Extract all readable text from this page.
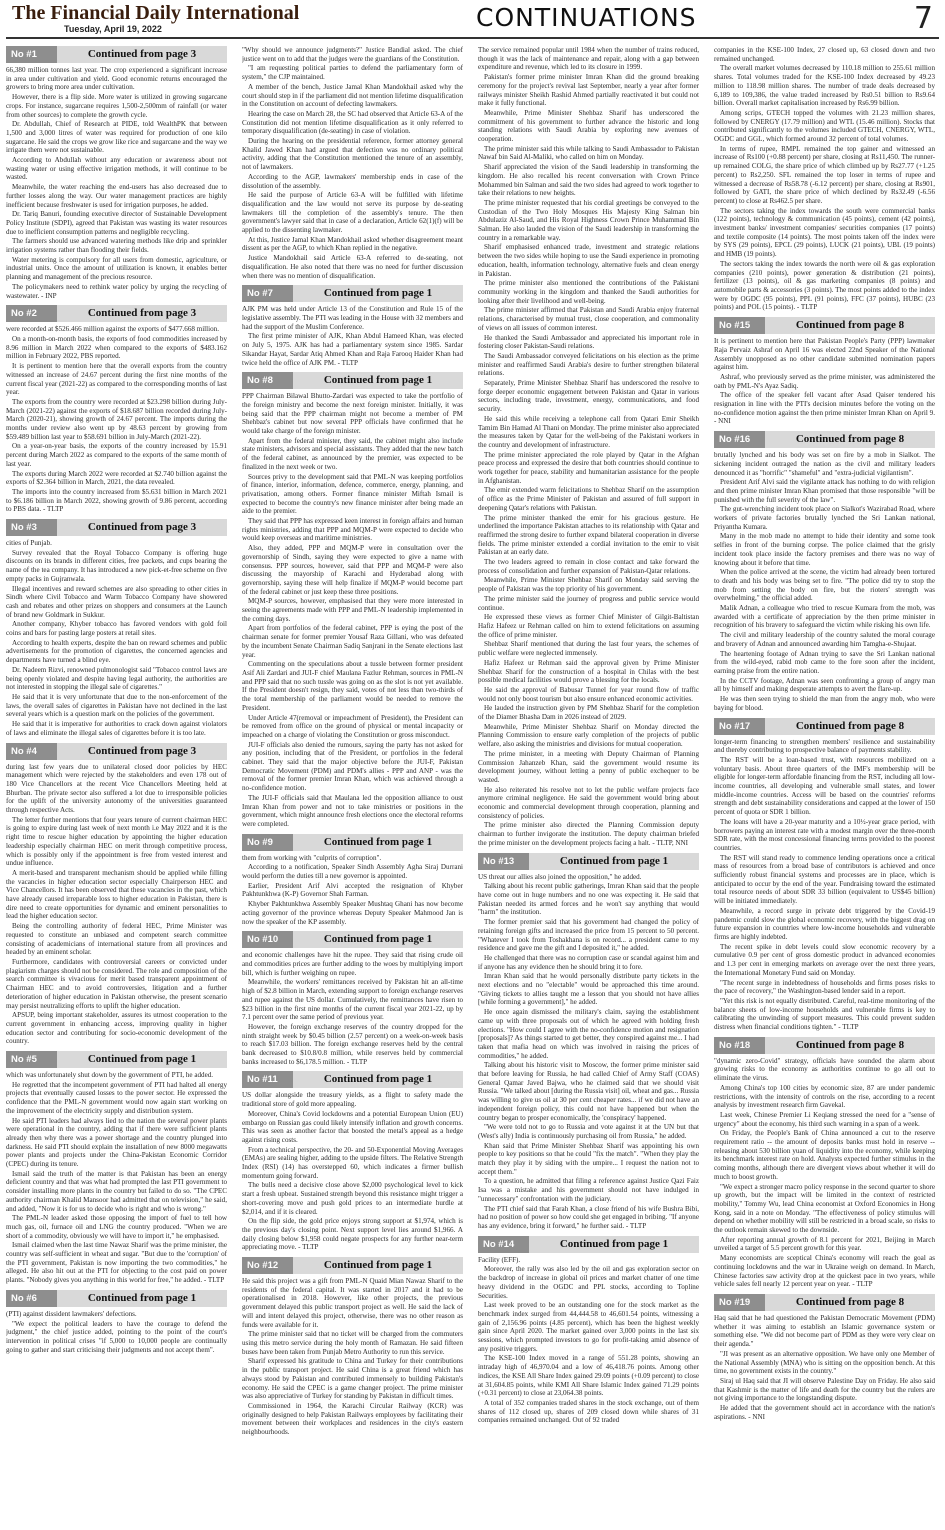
The Financial Daily International
Tuesday, April 19, 2022	CONTINUATIONS	7
No #1	Continued from page 3

66,380 million tonnes last year. The crop experienced a significant increase in area under cultivation and yield. Good economic returns encouraged the growers to bring more area under cultivation.

However, there is a flip side. More water is utilized in growing sugarcane crops. For instance, sugarcane requires 1,500-2,500mm of rainfall (or water from other sources) to complete the growth cycle.

Dr. Abdullah, Chief of Research at PIDE, told WealthPK that between 1,500 and 3,000 litres of water was required for production of one kilo sugarcane. He said the crops we grow like rice and sugarcane and the way we irrigate them were not sustainable.

According to Abdullah without any education or awareness about not wasting water or using effective irrigation methods, it will continue to be wasted.

Meanwhile, the water reaching the end-users has also decreased due to further losses along the way. Our water management practices are highly inefficient because freshwater is used for irrigation purposes, he added.

Dr. Tariq Banuri, founding executive director of Sustainable Development Policy Institute (SDPI), agreed that Pakistan was wasting its water resources due to inefficient consumption patterns and negligible recycling.

The farmers should use advanced watering methods like drip and sprinkler irrigation systems rather than flooding their fields.

Water metering is compulsory for all users from domestic, agriculture, or industrial units. Once the amount of utilization is known, it enables better planning and management of the precious resource.

The policymakers need to rethink water policy by urging the recycling of wastewater. - INP

No #2	Continued from page 3

were recorded at $526.466 million against the exports of $477.668 million.

On a month-on-month basis, the exports of food commodities increased by 8.96 million in March 2022 when compared to the exports of $483.162 million in February 2022, PBS reported.

It is pertinent to mention here that the overall exports from the country witnessed an increase of 24.67 percent during the first nine months of the current fiscal year (2021-22) as compared to the corresponding months of last year.

The exports from the country were recorded at $23.298 billion during July-March (2021-22) against the exports of $18.687 billion recorded during July-March (2020-21), showing growth of 24.67 percent. The imports during the months under review also went up by 48.63 percent by growing from $59.489 billion last year to $58.691 billion in July-March (2021-22).

On a year-on-year basis, the exports of the country increased by 15.91 percent during March 2022 as compared to the exports of the same month of last year.

The exports during March 2022 were recorded at $2.740 billion against the exports of $2.364 billion in March, 2021, the data revealed.

The imports into the country increased from $5.631 billion in March 2021 to $6.186 billion in March 2022, showing growth of 9.86 percent, according to PBS data. - TLTP

No #3	Continued from page 3

cities of Punjab.

Survey revealed that the Royal Tobacco Company is offering huge discounts on its brands in different cities, free packets, and cups bearing the name of the tea company. It has introduced a new pick-et-free scheme on five empty packs in Gujranwala.

Illegal incentives and reward schemes are also spreading to other cities in Sindh where Civil Tobacco and Warm Tobacco Company have showered cash and rebates and other prizes on shoppers and consumers at the Launch of brand new Goldmark in Sukkur.

Another company, Khyber tobacco has favored vendors with gold foil coins and bars for pasting large posters at retail sites.

According to health experts, despite the ban on reward schemes and public advertisements for the promotion of cigarettes, the concerned agencies and departments have turned a blind eye.

Dr. Nadeem Rizvi, renowned pulmonologist said "Tobacco control laws are being openly violated and despite having legal authority, the authorities are not interested in stopping the illegal sale of cigarettes."

He said that it is very unfortunate that due to the non-enforcement of the laws, the overall sales of cigarettes in Pakistan have not declined in the last several years which is a question mark on the policies of the government.

He said that it is imperative for authorities to crack down against violators of laws and eliminate the illegal sales of cigarettes before it is too late.

No #4	Continued from page 3

during last few years due to unilateral closed door policies by HEC management which were rejected by the stakeholders and even 178 out of 180 Vice Chancellors at the recent Vice Chancellors Meeting held at Bhurban. The private sector also suffered a lot due to irresponsible policies for the uplift of the university autonomy of the universities guaranteed through respective Acts.

The letter further mentions that four years tenure of current chairman HEC is going to expire during last week of next month i.e May 2022 and it is the right time to rescue higher education by appointing the higher education leadership especially chairman HEC on merit through competitive process, which is possibly only if the appointment is free from vested interest and undue influence.

A merit-based and transparent mechanism should be applied while filling the vacancies in higher education sector especially Chairperson HEC and Vice Chancellors. It has been observed that these vacancies in the past, which have already caused irreparable loss to higher education in Pakistan, there is dire need to create opportunities for dynamic and eminent personalities to lead the higher education sector.

Being the controlling authority of federal HEC, Prime Minister was requested to constitute an unbiased and competent search committee consisting of academicians of international stature from all provinces and headed by an eminent scholar.

Furthermore, candidates with controversial careers or convicted under plagiarism charges should not be considered. The role and composition of the search committee is vivacious for merit based transparent appointment of Chairman HEC and to avoid controversies, litigation and a further deterioration of higher education in Pakistan otherwise, the present scenario may persist neutralizing efforts to uplift the higher education.

APSUP, being important stakeholder, assures its utmost cooperation to the current government in enhancing access, improving quality in higher education sector and contributing for socio-economic development of the country.

No #5	Continued from page 1

which was unfortunately shut down by the government of PTI, he added.

He regretted that the incompetent government of PTI had halted all energy projects that eventually caused losses to the power sector. He expressed the confidence that the PML-N government would now again start working on the improvement of the electricity supply and distribution system.

He said PTI leaders had always lied to the nation the several power plants were operational in the country, adding that if there were sufficient plants already then why there was a power shortage and the country plunged into darkness. He said PTI should explain the installation of new 8000 megawatts power plants and projects under the China-Pakistan Economic Corridor (CPEC) during its tenure.

Ismail said the truth of the matter is that Pakistan has been an energy deficient country and that was what had prompted the last PTI government to consider installing more plants in the country but failed to do so. "The CPEC authority chairman Khalid Mansoor had admitted that on television," he said, and added, "Now it is for us to decide who is right and who is wrong."

The PML-N leader asked those opposing the import of fuel to tell how much gas, oil, furnace oil and LNG the country produced. "When we are short of a commodity, obviously we will have to import it," he emphasised.

Ismail claimed when the last time Nawaz Sharif was the prime minister, the country was self-sufficient in wheat and sugar. "But due to the 'corruption' of the PTI government, Pakistan is now importing the two commodities," he alleged. He also hit out at the PTI for objecting to the cost paid on power plants. "Nobody gives you anything in this world for free," he added. - TLTP

No #6	Continued from page 1

(PTI) against dissident lawmakers' defections.

"We expect the political leaders to have the courage to defend the judgment," the chief justice added, pointing to the point of the court's intervention in political crises "if 5,000 to 10,000 people are continually going to gather and start criticising their judgments and not accept them".

"Why should we announce judgments?" Justice Bandial asked. The chief justice went on to add that the judges were the guardians of the Constitution.

"I am requesting political parties to defend the parliamentary form of system," the CJP maintained.

A member of the bench, Justice Jamal Khan Mandokhail asked why the court should step in if the parliament did not mention lifetime disqualification in the Constitution on account of defecting lawmakers.

Hearing the case on March 28, the SC had observed that Article 63-A of the Constitution did not mention lifetime disqualification as it only referred to temporary disqualification (de-seating) in case of violation.

During the hearing on the presidential reference, former attorney general Khalid Jawed Khan had argued that defection was no ordinary political activity, adding that the Constitution mentioned the tenure of an assembly, not of lawmakers.

According to the AGP, lawmakers' membership ends in case of the dissolution of the assembly.

He said the purpose of Article 63-A will be fulfilled with lifetime disqualification and the law would not serve its purpose by de-seating lawmakers till the completion of the assembly's tenure. The then government's lawyer said that in case of a declaration, Article 62(1)(f) will be applied to the dissenting lawmaker.

At this, Justice Jamal Khan Mandokhail asked whether disagreement meant dissent as per the AGP, to which Khan replied in the negative.

Justice Mandokhail said Article 63-A referred to de-seating, not disqualification. He also noted that there was no need for further discussion when there was no mention of disqualification.

No #7	Continued from page 1

AJK PM was held under Article 13 of the Constitution and Rule 15 of the legislative assembly. The PTI was leading in the House with 32 members and had the support of the Muslim Conference.

The first prime minister of AJK, Khan Abdul Hameed Khan, was elected on July 5, 1975. AJK has had a parliamentary system since 1985. Sardar Sikandar Hayat, Sardar Atiq Ahmed Khan and Raja Farooq Haider Khan had twice held the office of AJK PM. - TLTP

No #8	Continued from page 1

PPP Chairman Bilawal Bhutto-Zardari was expected to take the portfolio of the foreign ministry and become the next foreign minister. Initially, it was being said that the PPP chairman might not become a member of PM Shehbaz's cabinet but now several PPP officials have confirmed that he would take charge of the foreign minister.

Apart from the federal minister, they said, the cabinet might also include state ministers, advisors and special assistants. They added that the new batch of the federal cabinet, as announced by the premier, was expected to be finalized in the next week or two.

Sources privy to the development said that PML-N was keeping portfolios of finance, interior, information, defence, commerce, energy, planning, and privatisation, among others. Former finance minister Miftah Ismail is expected to become the country's new finance minister after being made an aide to the premier.

They said that PPP has expressed keen interest in foreign affairs and human rights ministries, adding that PPP and MQM-P were expected to decide who would keep overseas and maritime ministries.

Also, they added, PPP and MQM-P were in consultation over the governorship of Sindh, saying they were expected to give a name with consensus. PPP sources, however, said that PPP and MQM-P were also discussing the mayorship of Karachi and Hyderabad along with governorship, saying these will help finalize if MQM-P would become part of the federal cabinet or just keep these three positions.

MQM-P sources, however, emphasised that they were more interested in seeing the agreements made with PPP and PML-N leadership implemented in the coming days.

Apart from portfolios of the federal cabinet, PPP is eying the post of the chairman senate for former premier Yousaf Raza Gillani, who was defeated by the incumbent Senate Chairman Sadiq Sanjrani in the Senate elections last year.

Commenting on the speculations about a tussle between former president Asif Ali Zardari and JUI-F chief Maulana Fazlur Rehman, sources in PML-N and PPP said that no such tussle was going on as the slot is not yet available. If the President doesn't resign, they said, votes of not less than two-thirds of the total membership of the parliament would be needed to remove the President.

Under Article 47(removal or impeachment of President), the President can be removed from office on the ground of physical or mental incapacity or impeached on a charge of violating the Constitution or gross misconduct.

JUI-F officials also denied the rumours, saying the party has not asked for any position, including that of the President, or portfolios in the federal cabinet. They said that the major objective before the JUI-F, Pakistan Democratic Movement (PDM) and PDM's allies - PPP and ANP - was the removal of the former premier Imran Khan, which was achieved through a no-confidence motion.

The JUI-F officials said that Maulana led the opposition alliance to oust Imran Khan from power and not to take ministries or positions in the government, which might announce fresh elections once the electoral reforms were completed.

No #9	Continued from page 1

them from working with "culprits of corruption".

According to a notification, Speaker Sindh Assembly Agha Siraj Durrani would perform the duties till a new governor is appointed.

Earlier, President Arif Alvi accepted the resignation of Khyber Pakhtunkhwa (K-P) Governor Shah Farman.

Khyber Pakhtunkhwa Assembly Speaker Mushtaq Ghani has now become acting governor of the province whereas Deputy Speaker Mahmood Jan is now the speaker of the KP assembly.

No #10	Continued from page 1

and economic challenges have hit the rupee. They said that rising crude oil and commodities prices are further adding to the woes by multiplying import bill, which is further weighing on rupee.

Meanwhile, the workers' remittances received by Pakistan hit an all-time high of $2.8 billion in March, extending support to foreign exchange reserves and rupee against the US dollar. Cumulatively, the remittances have risen to $23 billion in the first nine months of the current fiscal year 2021-22, up by 7.1 percent over the same period of previous year.

However, the foreign exchange reserves of the country dropped for the ninth straight week by $0.45 billion (2.57 percent) on a week-on-week basis to reach $17.03 billion. The foreign exchange reserves held by the central bank decreased to $10.8/0.8 million, while reserves held by commercial banks increased to $6,178.5 million. - TLTP

No #11	Continued from page 1

US dollar alongside the treasury yields, as a flight to safety made the traditional store of gold more appealing.

Moreover, China's Covid lockdowns and a potential European Union (EU) embargo on Russian gas could likely intensify inflation and growth concerns. This was seen as another factor that boosted the metal's appeal as a hedge against rising costs.

From a technical perspective, the 20- and 50-Exponential Moving Averages (EMAs) are sealing higher, adding to the upside filters. The Relative Strength Index (RSI) (14) has overstepped 60, which indicates a firmer bullish momentum going forward.

The bulls need a decisive close above $2,000 psychological level to kick start a fresh upbeat. Sustained strength beyond this resistance might trigger a short-covering move and push gold prices to an intermediate hurdle at $2,014, and if it is cleared.

On the flip side, the gold price enjoys strong support at $1,974, which is the previous day's closing point. Next support level lies around $1,966. A daily closing below $1,958 could negate prospects for any further near-term appreciating move. - TLTP

No #12	Continued from page 1

He said this project was a gift from PML-N Quaid Mian Nawaz Sharif to the residents of the federal capital. It was started in 2017 and it had to be operationalised in 2018. However, like other projects, the previous government delayed this public transport project as well. He said the lack of will and intent delayed this project, otherwise, there was no other reason as funds were available for it.

The prime minister said that no ticket will be charged from the commuters using this metro service during the holy month of Ramazan. He said fifteen buses have been taken from Punjab Metro Authority to run this service.

Sharif expressed his gratitude to China and Turkey for their contributions in the public transport project. He said China is a great friend which has always stood by Pakistan and contributed immensely to building Pakistan's economy. He said the CPEC is a game changer project. The prime minister was also appreciative of Turkey for standing by Pakistan in difficult times.

Commissioned in 1964, the Karachi Circular Railway (KCR) was originally designed to help Pakistan Railways employees by facilitating their movement between their workplaces and residences in the city's eastern neighbourhoods.

The service remained popular until 1984 when the number of trains reduced, though it was the lack of maintenance and repair, along with a gap between expenditure and revenue, which led to its closure in 1999.

Pakistan's former prime minister Imran Khan did the ground breaking ceremony for the project's revival last September, nearly a year after former railways minister Sheikh Rashid Ahmed partially reactivated it but could not make it fully functional.

Meanwhile, Prime Minister Shehbaz Sharif has underscored the commitment of his government to further advance the historic and long standing relations with Saudi Arabia by exploring new avenues of cooperation.

The prime minister said this while talking to Saudi Ambassador to Pakistan Nawaf bin Said Al-Maliki, who called on him on Monday.

Sharif appreciated the vision of the Saudi leadership in transforming the kingdom. He also recalled his recent conversation with Crown Prince Mohammed bin Salman and said the two sides had agreed to work together to take their relations to new heights.

The prime minister requested that his cordial greetings be conveyed to the Custodian of the Two Holy Mosques His Majesty King Salman bin Abdulaziz Al-Saud, and His Royal Highness Crown Prince Muhammad Bin Salman. He also lauded the vision of the Saudi leadership in transforming the country in a remarkable way.

Sharif emphasised enhanced trade, investment and strategic relations between the two sides while hoping to use the Saudi experience in promoting education, health, information technology, alternative fuels and clean energy in Pakistan.

The prime minister also mentioned the contributions of the Pakistani community working in the kingdom and thanked the Saudi authorities for looking after their livelihood and well-being.

The prime minister affirmed that Pakistan and Saudi Arabia enjoy fraternal relations, characterised by mutual trust, close cooperation, and commonality of views on all issues of common interest.

He thanked the Saudi Ambassador and appreciated his important role in fostering closer Pakistan-Saudi relations.

The Saudi Ambassador conveyed felicitations on his election as the prime minister and reaffirmed Saudi Arabia's desire to further strengthen bilateral relations.

Separately, Prime Minister Shehbaz Sharif has underscored the resolve to forge deeper economic engagement between Pakistan and Qatar in various sectors, including trade, investment, energy, communications, and food security.

He said this while receiving a telephone call from Qatari Emir Sheikh Tamim Bin Hamad Al Thani on Monday. The prime minister also appreciated the measures taken by Qatar for the well-being of the Pakistani workers in the country and development of infrastructure.

The prime minister appreciated the role played by Qatar in the Afghan peace process and expressed the desire that both countries should continue to work together for peace, stability and humanitarian assistance for the people in Afghanistan.

The emir extended warm felicitations to Shehbaz Sharif on the assumption of office as the Prime Minister of Pakistan and assured of full support in deepening Qatar's relations with Pakistan.

The prime minister thanked the emir for his gracious gesture. He underlined the importance Pakistan attaches to its relationship with Qatar and reaffirmed the strong desire to further expand bilateral cooperation in diverse fields. The prime minister extended a cordial invitation to the emir to visit Pakistan at an early date.

The two leaders agreed to remain in close contact and take forward the process of consolidation and further expansion of Pakistan-Qatar relations.

Meanwhile, Prime Minister Shehbaz Sharif on Monday said serving the people of Pakistan was the top priority of his government.

The prime minister said the journey of progress and public service would continue.

He expressed these views as former Chief Minister of Gilgit-Baltistan Hafiz Hafeez ur Rehman called on him to extend felicitations on assuming the office of prime minister.

Shehbaz Sharif mentioned that during the last four years, the schemes of public welfare were neglected immensely.

Hafiz Hafeez ur Rehman said the approval given by Prime Minister Shehbaz Sharif for the construction of a hospital in Chilas with the best possible medical facilities would prove a blessing for the locals.

He said the approval of Babusar Tunnel for year round flow of traffic would not only boost tourism but also ensure enhanced economic activities.

He lauded the instruction given by PM Shehbaz Sharif for the completion of the Diamer Bhasha Dam in 2026 instead of 2029.

Meanwhile, Prime Minister Shehbaz Sharif on Monday directed the Planning Commission to ensure early completion of the projects of public welfare, also asking the ministries and divisions for mutual cooperation.

The prime minister, in a meeting with Deputy Chairman of Planning Commission Jahanzeb Khan, said the government would resume its development journey, without letting a penny of public exchequer to be wasted.

He also reiterated his resolve not to let the public welfare projects face anymore criminal negligence. He said the government would bring about economic and commercial development through cooperation, planning and consistency of policies.

The prime minister also directed the Planning Commission deputy chairman to further invigorate the institution. The deputy chairman briefed the prime minister on the development projects facing a halt. - TLTP, NNI

No #13	Continued from page 1

US threat our allies also joined the opposition," he added.

Talking about his recent public gatherings, Imran Khan said that the people have come out in huge numbers and no one was expecting it. He said that Pakistan needed its armed forces and he won't say anything that would "harm" the institution.

The former premier said that his government had changed the policy of retaining foreign gifts and increased the price from 15 percent to 50 percent. "Whatever I took from Toshakhana is on record... a president came to my residence and gave me the gift and I deposited it," he added.

He challenged that there was no corruption case or scandal against him and if anyone has any evidence then he should bring it to fore.

Imran Khan said that he would personally distribute party tickets in the next elections and no "electable" would be approached this time around. "Giving tickets to allies taught me a lesson that you should not have allies [while forming a government]," he added.

He once again dismissed the military's claim, saying the establishment came up with three proposals out of which he agreed with holding fresh elections. "How could I agree with the no-confidence motion and resignation [proposals]? As things started to get better, they conspired against me... I had taken that mafia head on which was involved in raising the prices of commodities," he added.

Talking about his historic visit to Moscow, the former prime minister said that before leaving for Russia, he had called Chief of Army Staff (COAS) General Qamar Javed Bajwa, who he claimed said that we should visit Russia. "We talked about [during the Russia visit] oil, wheat and gas... Russia was willing to give us oil at 30 per cent cheaper rates... if we did not have an independent foreign policy, this could not have happened but when the country began to prosper economically, the 'conspiracy' happened.

"We were told not to go to Russia and vote against it at the UN but that (West's ally) India is continuously purchasing oil from Russia," he added.

Khan said that Prime Minister Shehbaz Sharif was appointing his own people to key positions so that he could "fix the match". "When they play the match they play it by siding with the umpire... I request the nation not to accept them."

To a question, he admitted that filing a reference against Justice Qazi Faiz Isa was a mistake and his government should not have indulged in "unnecessary" confrontation with the judiciary.

The PTI chief said that Farah Khan, a close friend of his wife Bushra Bibi, had no position of power so how could she get engaged in bribing. "If anyone has any evidence, bring it forward," he further said. - TLTP

No #14	Continued from page 1

Facility (EFF).

Moreover, the rally was also led by the oil and gas exploration sector on the backdrop of increase in global oil prices and market chatter of one time heavy dividend in the OGDC and PPL stocks, according to Topline Securities.

Last week proved to be an outstanding one for the stock market as the benchmark index surged from 44,444.58 to 46,601.54 points, witnessing a gain of 2,156.96 points (4.85 percent), which has been the highest weekly gain since April 2020. The market gained over 3,000 points in the last six sessions, which prompted investors to go for profit-taking amid absence of any positive triggers.

The KSE-100 Index moved in a range of 551.28 points, showing an intraday high of 46,970.04 and a low of 46,418.76 points. Among other indices, the KSE All Share Index gained 29.09 points (+0.09 percent) to close at 31,604.85 points, while KMI All Share Islamic Index gained 71.29 points (+0.31 percent) to close at 23,064.38 points.

A total of 352 companies traded shares in the stock exchange, out of them shares of 112 closed up, shares of 209 closed down while shares of 31 companies remained unchanged. Out of 92 traded

companies in the KSE-100 Index, 27 closed up, 63 closed down and two remained unchanged.

The overall market volumes decreased by 110.18 million to 255.61 million shares. Total volumes traded for the KSE-100 Index decreased by 49.23 million to 118.98 million shares. The number of trade deals decreased by 6,189 to 109,386, the value traded increased by Rs0.51 billion to Rs9.64 billion. Overall market capitalisation increased by Rs6.99 billion.

Among scrips, GTECH topped the volumes with 21.23 million shares, followed by CNERGY (17.79 million) and WTL (15.46 million). Stocks that contributed significantly to the volumes included GTECH, CNERGY, WTL, OGDC and GGL, which formed around 32 percent of total volumes.

In terms of rupee, RMPL remained the top gainer and witnessed an increase of Rs100 (+0.88 percent) per share, closing at Rs11,450. The runner-up remained COLG, the share price of which climbed up by Rs27.77 (+1.25 percent) to Rs2,250. SFL remained the top loser in terms of rupee and witnessed a decrease of Rs58.78 (-6.12 percent) per share, closing at Rs901, followed by GATI, the share price of which declined by Rs32.49 (-6.56 percent) to close at Rs462.5 per share.

The sectors taking the index towards the south were commercial banks (122 points), technology & communication (45 points), cement (42 points), investment banks/ investment companies/ securities companies (17 points) and textile composite (14 points). The most points taken off the index were by SYS (29 points), EPCL (29 points), LUCK (21 points), UBL (19 points) and HMB (19 points).

The sectors taking the index towards the north were oil & gas exploration companies (210 points), power generation & distribution (21 points), fertilizer (13 points), oil & gas marketing companies (8 points) and automobile parts & accessories (3 points). The most points added to the index were by OGDC (95 points), PPL (91 points), FFC (37 points), HUBC (23 points) and POL (15 points). - TLTP

No #15	Continued from page 8

It is pertinent to mention here that Pakistan People's Party (PPP) lawmaker Raja Pervaiz Ashraf on April 16 was elected 22nd Speaker of the National Assembly unopposed as no other candidate submitted nomination papers against him.

Ashraf, who previously served as the prime minister, was administered the oath by PML-N's Ayaz Sadiq.

The office of the speaker fell vacant after Asad Qaiser tendered his resignation in line with the PTI's decision minutes before the voting on the no-confidence motion against the then prime minister Imran Khan on April 9. - NNI

No #16	Continued from page 8

brutally lynched and his body was set on fire by a mob in Sialkot. The sickening incident outraged the nation as the civil and military leaders denounced it as "horrific" "shameful" and "extra-judicial vigilantism".

President Arif Alvi said the vigilante attack has nothing to do with religion and then prime minister Imran Khan promised that those responsible "will be punished with the full severity of the law".

The gut-wrenching incident took place on Sialkot's Wazirabad Road, where workers of private factories brutally lynched the Sri Lankan national, Priyantha Kumara.

Many in the mob made no attempt to hide their identity and some took selfies in front of the burning corpse. The police claimed that the grisly incident took place inside the factory premises and there was no way of knowing about it before that time.

When the police arrived at the scene, the victim had already been tortured to death and his body was being set to fire. "The police did try to stop the mob from setting the body on fire, but the rioters' strength was overwhelming," the official added.

Malik Adnan, a colleague who tried to rescue Kumara from the mob, was awarded with a certificate of appreciation by the then prime minister in recognition of his bravery to safeguard the victim while risking his own life.

The civil and military leadership of the country saluted the moral courage and bravery of Adnan and announced awarding him Tamgha-e-Shujaat.

The heartening footage of Adnan trying to save the Sri Lankan national from the wild-eyed, rabid mob came to the fore soon after the incident, earning praise from the entire nation.

In the CCTV footage, Adnan was seen confronting a group of angry man all by himself and making desperate attempts to avert the flare-up.

He was then seen trying to shield the man from the angry mob, who were baying for blood.

No #17	Continued from page 8

longer-term financing to strengthen members' resilience and sustainability and thereby contributing to prospective balance of payments stability.

The RST will be a loan-based trust, with resources mobilized on a voluntary basis. About three quarters of the IMF's membership will be eligible for longer-term affordable financing from the RST, including all low-income countries, all developing and vulnerable small states, and lower middle-income countries. Access will be based on the countries' reforms strength and debt sustainability considerations and capped at the lower of 150 percent of quota or SDR 1 billion.

The loans will have a 20-year maturity and a 10½-year grace period, with borrowers paying an interest rate with a modest margin over the three-month SDR rate, with the most concessional financing terms provided to the poorest countries.

The RST will stand ready to commence lending operations once a critical mass of resources from a broad base of contributors is achieved and once sufficiently robust financial systems and processes are in place, which is anticipated to occur by the end of the year. Fundraising toward the estimated total resource needs of about SDR 33 billion (equivalent to US$45 billion) will be initiated immediately.

Meanwhile, a record surge in private debt triggered by the Covid-19 pandemic could slow the global economic recovery, with the biggest drag on future expansion in countries where low-income households and vulnerable firms are highly indebted.

The recent spike in debt levels could slow economic recovery by a cumulative 0.9 per cent of gross domestic product in advanced economies and 1.3 per cent in emerging markets on average over the next three years, the International Monetary Fund said on Monday.

"The recent surge in indebtedness of households and firms poses risks to the pace of recovery," the Washington-based lender said in a report.

"Yet this risk is not equally distributed. Careful, real-time monitoring of the balance sheets of low-income households and vulnerable firms is key to calibrating the unwinding of support measures. This could prevent sudden distress when financial conditions tighten." - TLTP

No #18	Continued from page 8

"dynamic zero-Covid" strategy, officials have sounded the alarm about growing risks to the economy as authorities continue to go all out to eliminate the virus.

Among China's top 100 cities by economic size, 87 are under pandemic restrictions, with the intensity of controls on the rise, according to a recent analysis by investment research firm Gavekal.

Last week, Chinese Premier Li Keqiang stressed the need for a "sense of urgency" about the economy, his third such warning in a span of a week.

On Friday, the People's Bank of China announced a cut to the reserve requirement ratio -- the amount of deposits banks must hold in reserve -- releasing about 530 billion yuan of liquidity into the economy, while keeping its benchmark interest rate on hold. Analysts expected further stimulus in the coming months, although there are divergent views about whether it will do much to boost growth.

"We expect a stronger macro policy response in the second quarter to shore up growth, but the impact will be limited in the context of restricted mobility," Tommy Wu, lead China economist at Oxford Economics in Hong Kong, said in a note on Monday. "The effectiveness of policy stimulus will depend on whether mobility will still be restricted in a broad scale, so risks to the outlook remain skewed to the downside.

After reporting annual growth of 8.1 percent for 2021, Beijing in March unveiled a target of 5.5 percent growth for this year.

Many economists are sceptical China's economy will reach the goal as continuing lockdowns and the war in Ukraine weigh on demand. In March, Chinese factories saw activity drop at the quickest pace in two years, while vehicle sales fell nearly 12 percent year on year. - TLTP

No #19	Continued from page 8

Haq said that he had questioned the Pakistan Democratic Movement (PDM) whether it was aiming to establish an Islamic governance system or something else. "We did not become part of PDM as they were very clear on their agenda."

"JI was present as an alternative opposition. We have only one Member of the National Assembly (MNA) who is sitting on the opposition bench. At this time, no government exists in the country."

Siraj ul Haq said that JI will observe Palestine Day on Friday. He also said that Kashmir is the matter of life and death for the country but the rulers are not giving importance to the longstanding dispute.

He added that the government should act in accordance with the nation's aspirations. - NNI
